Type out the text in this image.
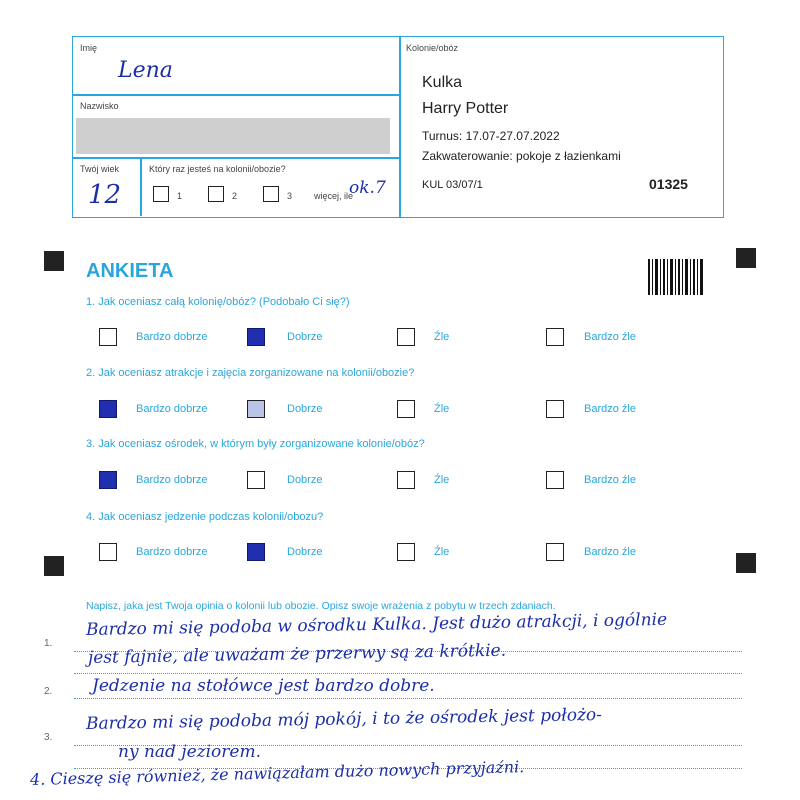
Imię
Lena
Nazwisko
Twój wiek
12
Który raz jesteś na kolonii/obozie?
1	2	3 więcej, ile
ok.7
Kolonie/obóz
Kulka
Harry Potter
Turnus: 17.07-27.07.2022
Zakwaterowanie: pokoje z łazienkami
KUL 03/07/1	01325
ANKIETA
1. Jak oceniasz całą kolonię/obóz? (Podobało Ci się?)
Bardzo dobrze	Dobrze	Źle	Bardzo źle
2. Jak oceniasz atrakcje i zajęcia zorganizowane na kolonii/obozie?
Bardzo dobrze	Dobrze	Źle	Bardzo źle
3. Jak oceniasz ośrodek, w którym były zorganizowane kolonie/obóz?
Bardzo dobrze	Dobrze	Źle	Bardzo źle
4. Jak oceniasz jedzenie podczas kolonii/obozu?
Bardzo dobrze	Dobrze	Źle	Bardzo źle
Napisz, jaka jest Twoja opinia o kolonii lub obozie. Opisz swoje wrażenia z pobytu w trzech zdaniach.
1.
2.
3.
Bardzo mi się podoba w ośrodku Kulka. Jest dużo atrakcji, i ogólnie
jest fajnie, ale uważam że przerwy są za krótkie.
Jedzenie na stołówce jest bardzo dobre.
Bardzo mi się podoba mój pokój, i to że ośrodek jest położo-
ny nad jeziorem.
4. Cieszę się również, że nawiązałam dużo nowych przyjaźni.
